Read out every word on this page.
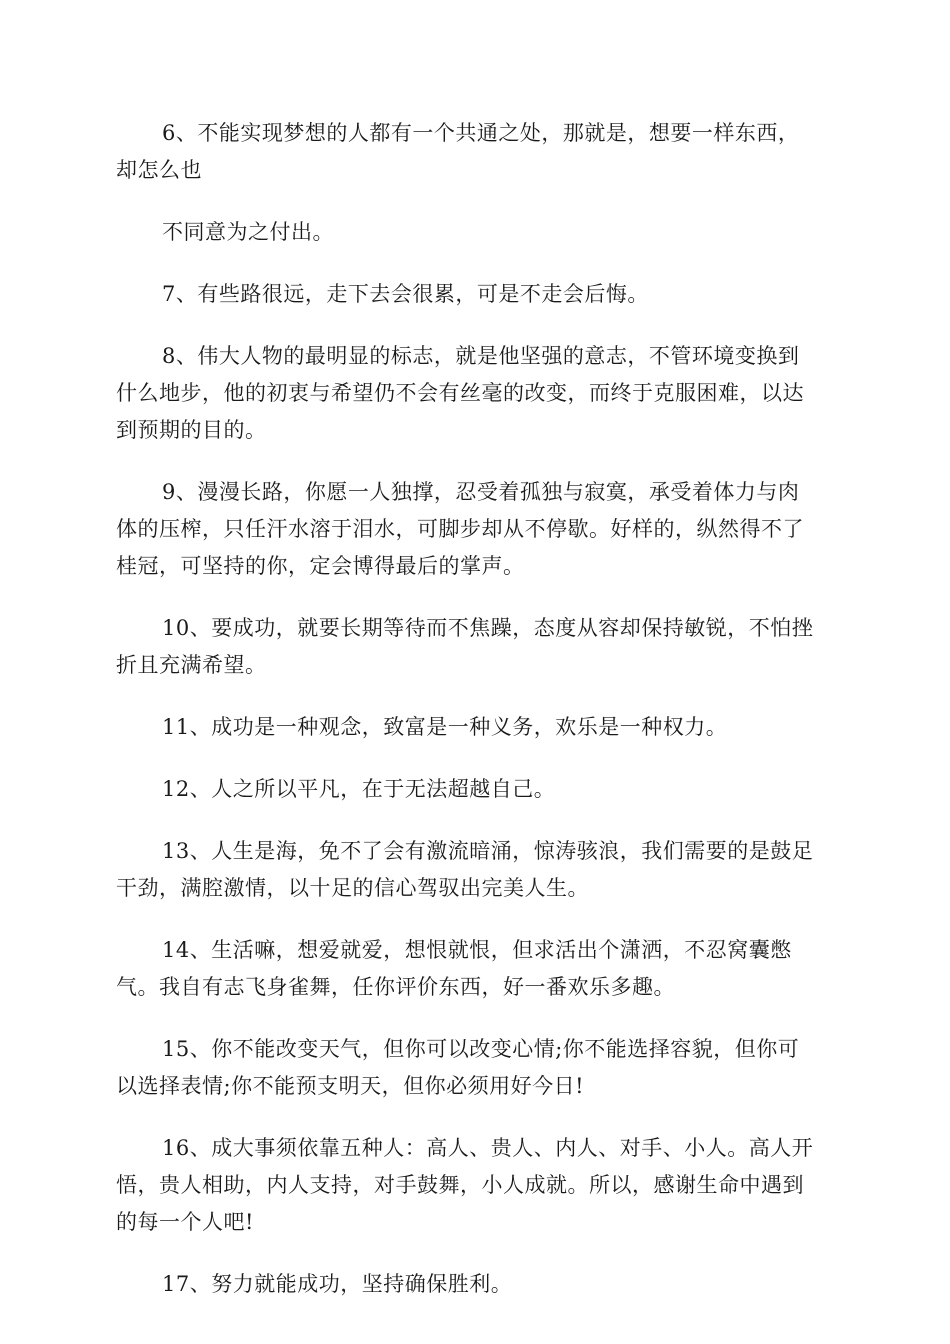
6、不能实现梦想的人都有一个共通之处，那就是，想要一样东西，
却怎么也

不同意为之付出。

7、有些路很远，走下去会很累，可是不走会后悔。

8、伟大人物的最明显的标志，就是他坚强的意志，不管环境变换到
什么地步，他的初衷与希望仍不会有丝毫的改变，而终于克服困难，以达
到预期的目的。

9、漫漫长路，你愿一人独撑，忍受着孤独与寂寞，承受着体力与肉
体的压榨，只任汗水溶于泪水，可脚步却从不停歇。好样的，纵然得不了
桂冠，可坚持的你，定会博得最后的掌声。

10、要成功，就要长期等待而不焦躁，态度从容却保持敏锐，不怕挫
折且充满希望。

11、成功是一种观念，致富是一种义务，欢乐是一种权力。

12、人之所以平凡，在于无法超越自己。

13、人生是海，免不了会有激流暗涌，惊涛骇浪，我们需要的是鼓足
干劲，满腔激情，以十足的信心驾驭出完美人生。

14、生活嘛，想爱就爱，想恨就恨，但求活出个潇洒，不忍窝囊憋
气。我自有志飞身雀舞，任你评价东西，好一番欢乐多趣。

15、你不能改变天气，但你可以改变心情;你不能选择容貌，但你可
以选择表情;你不能预支明天，但你必须用好今日!

16、成大事须依靠五种人：高人、贵人、内人、对手、小人。高人开
悟，贵人相助，内人支持，对手鼓舞，小人成就。所以，感谢生命中遇到
的每一个人吧!

17、努力就能成功，坚持确保胜利。
